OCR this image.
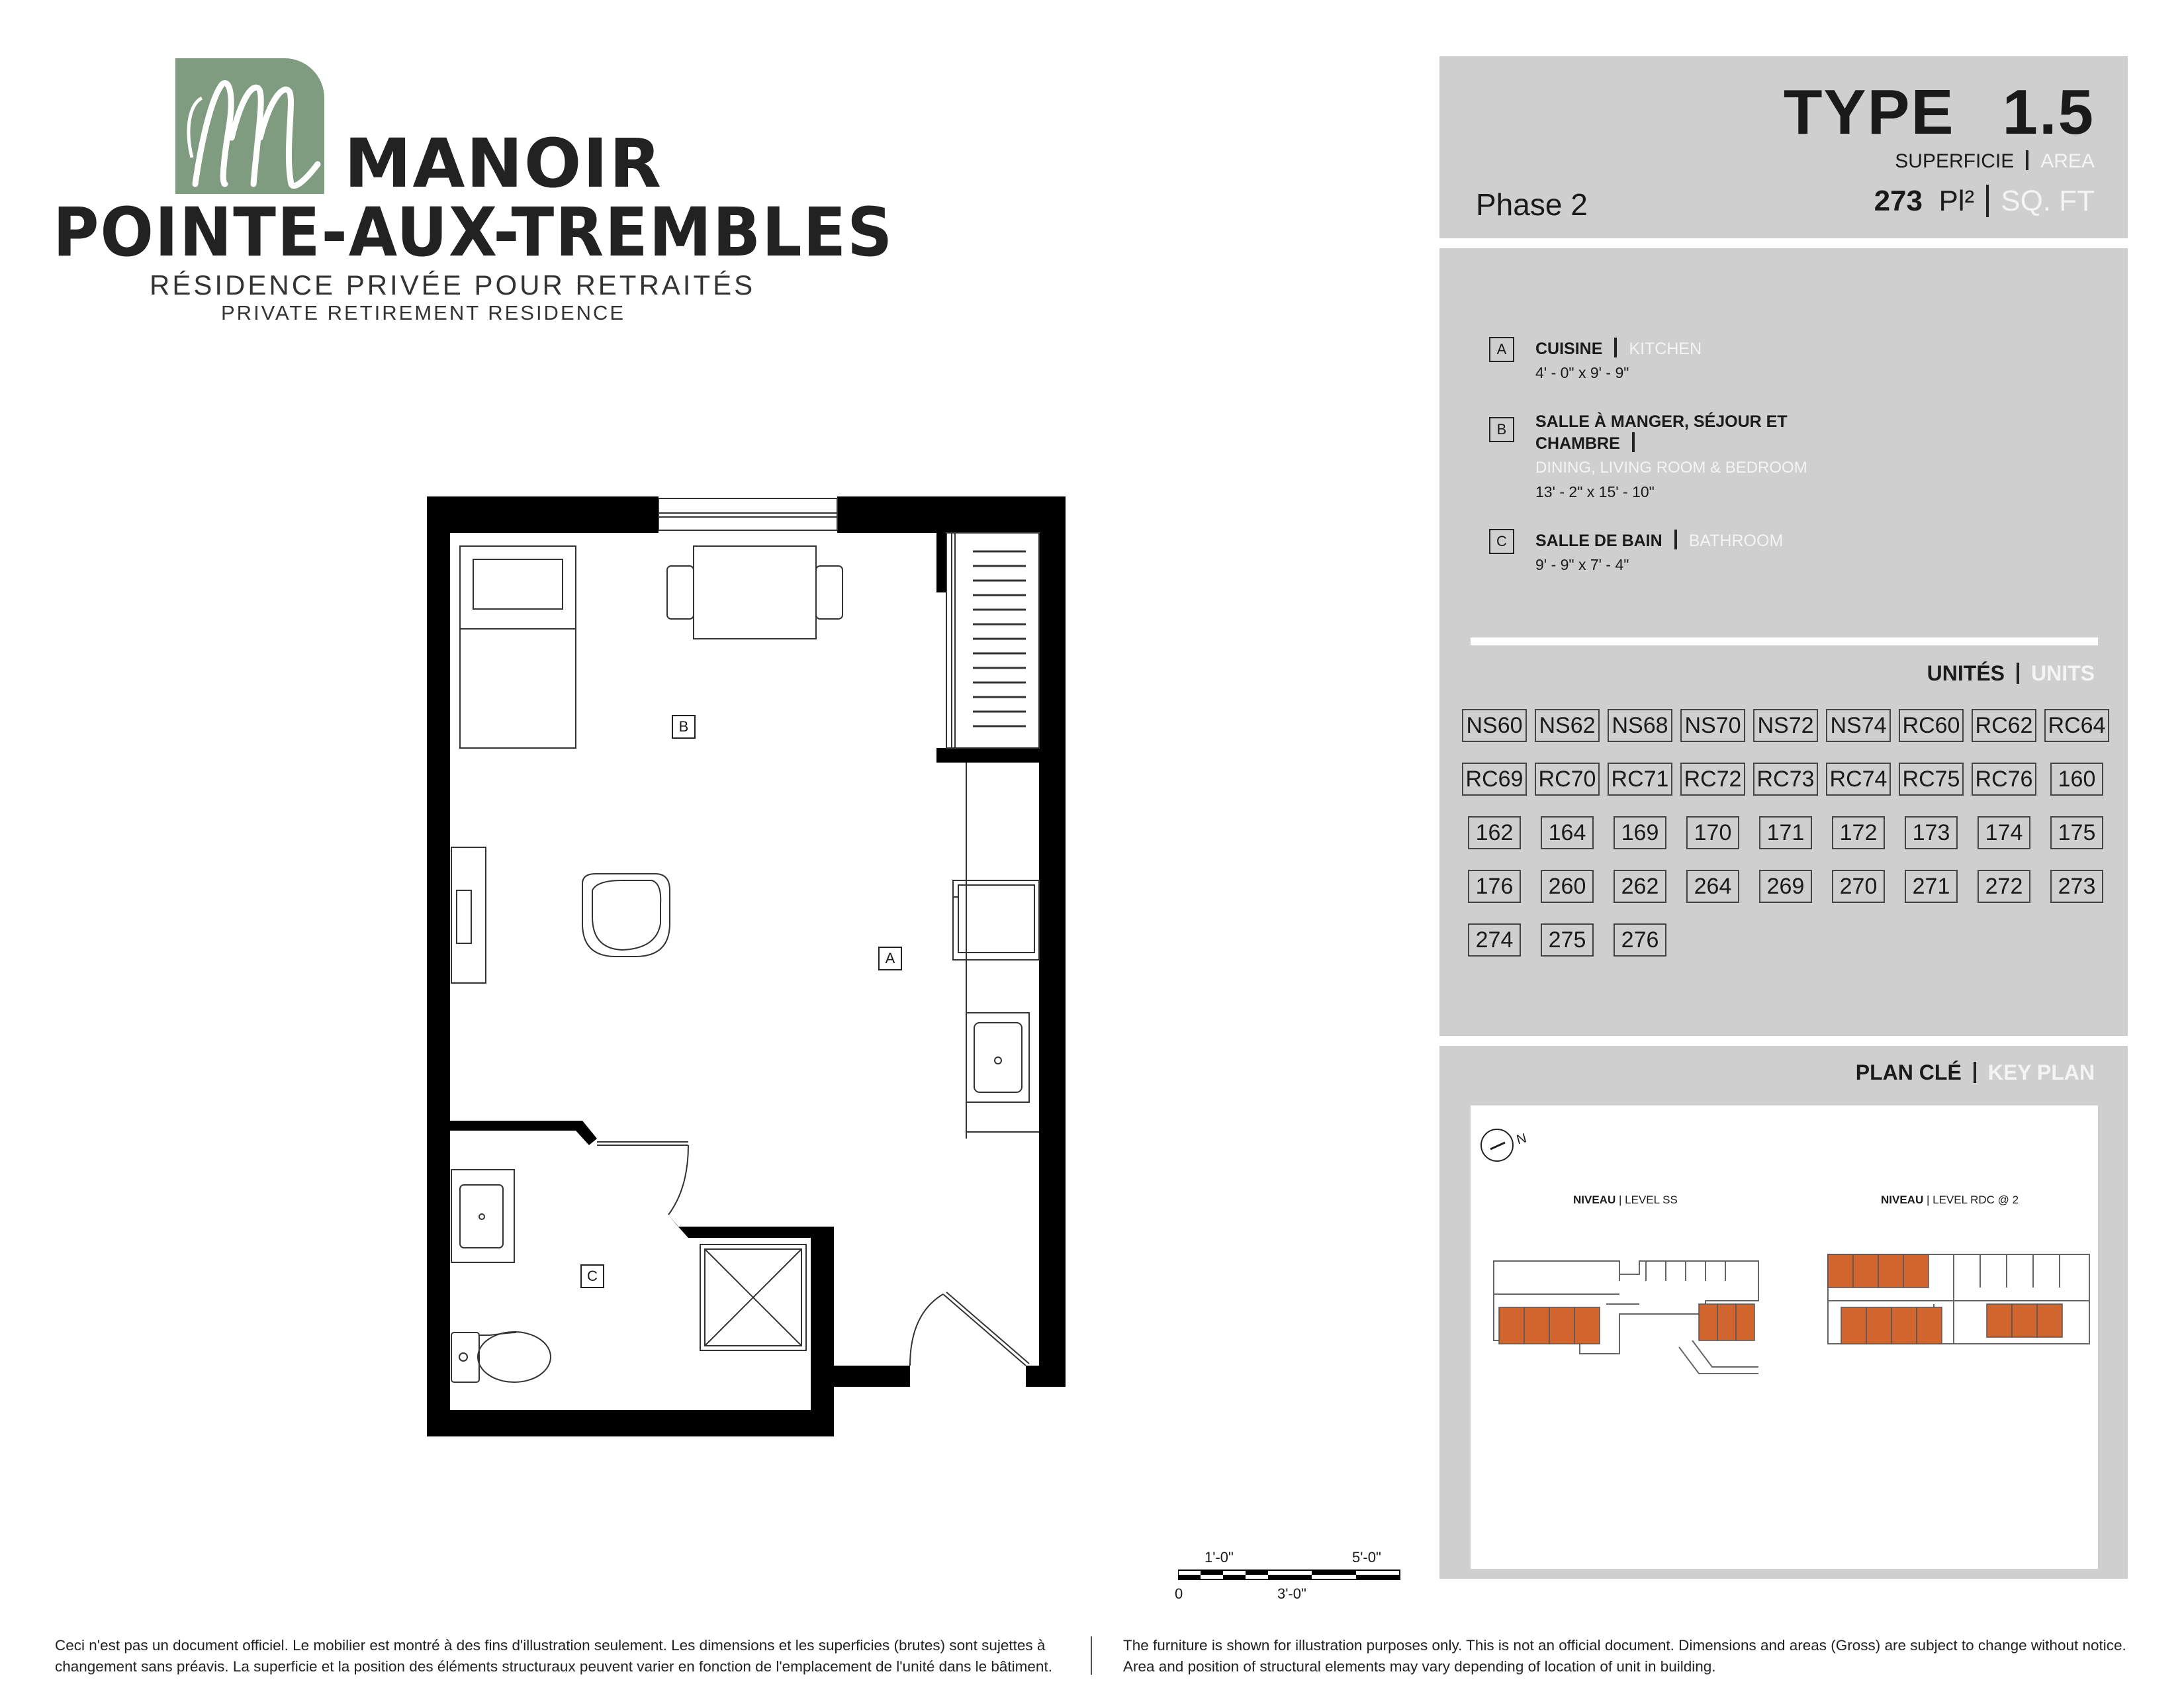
MANOIR
POINTE-AUX-TREMBLES
RÉSIDENCE PRIVÉE POUR RETRAITÉS
PRIVATE RETIREMENT RESIDENCE
TYPE 1.5
SUPERFICIE AREA
Phase 2	273 Pl² SQ. FT
A	CUISINE KITCHEN
4' - 0" x 9' - 9"
B	SALLE À MANGER, SÉJOUR ET
CHAMBRE
DINING, LIVING ROOM & BEDROOM
13' - 2" x 15' - 10"
C	SALLE DE BAIN BATHROOM
9' - 9" x 7' - 4"
UNITÉS UNITS
NS60 NS62 NS68 NS70 NS72 NS74 RC60 RC62 RC64
RC69 RC70 RC71 RC72 RC73 RC74 RC75 RC76	160
162	164	169	170	171	172	173	174	175
176	260	262	264	269	270	271	272	273
274	275	276
PLAN CLÉ KEY PLAN
N
NIVEAU | LEVEL SS	NIVEAU | LEVEL RDC @ 2
B
A
C
1'-0"	5'-0"
0	3'-0"
Ceci n'est pas un document officiel. Le mobilier est montré à des fins d'illustration seulement. Les dimensions et les superficies (brutes) sont sujettes à changement sans préavis. La superficie et la position des éléments structuraux peuvent varier en fonction de l'emplacement de l'unité dans le bâtiment.
The furniture is shown for illustration purposes only. This is not an official document. Dimensions and areas (Gross) are subject to change without notice. Area and position of structural elements may vary depending of location of unit in building.
